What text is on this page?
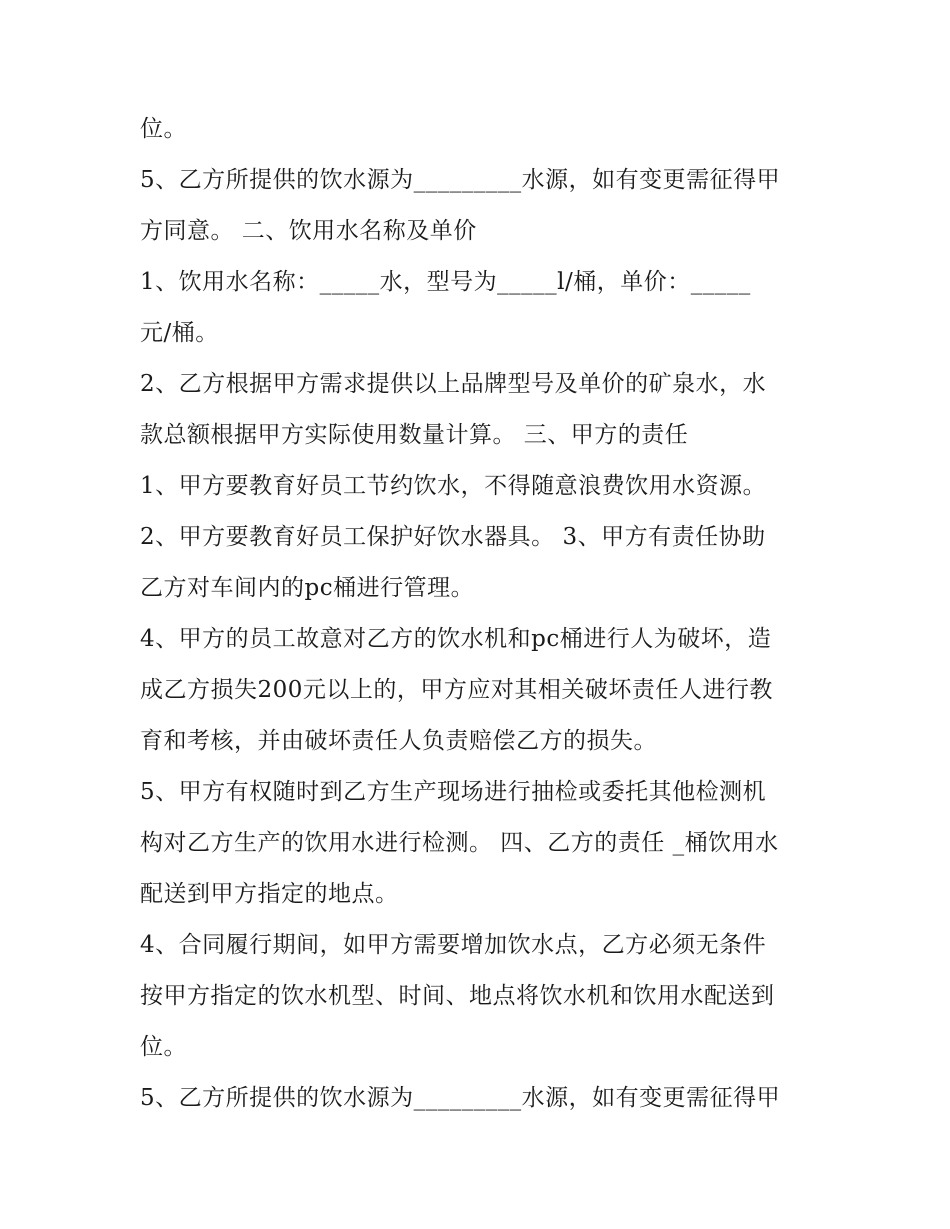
位。
5、乙方所提供的饮水源为_________水源，如有变更需征得甲
方同意。 二、饮用水名称及单价
1、饮用水名称：_____水，型号为_____l/桶，单价：_____
元/桶。
2、乙方根据甲方需求提供以上品牌型号及单价的矿泉水，水
款总额根据甲方实际使用数量计算。 三、甲方的责任
1、甲方要教育好员工节约饮水，不得随意浪费饮用水资源。
2、甲方要教育好员工保护好饮水器具。 3、甲方有责任协助
乙方对车间内的pc桶进行管理。
4、甲方的员工故意对乙方的饮水机和pc桶进行人为破坏，造
成乙方损失200元以上的，甲方应对其相关破坏责任人进行教
育和考核，并由破坏责任人负责赔偿乙方的损失。
5、甲方有权随时到乙方生产现场进行抽检或委托其他检测机
构对乙方生产的饮用水进行检测。 四、乙方的责任 _桶饮用水
配送到甲方指定的地点。
4、合同履行期间，如甲方需要增加饮水点，乙方必须无条件
按甲方指定的饮水机型、时间、地点将饮水机和饮用水配送到
位。
5、乙方所提供的饮水源为_________水源，如有变更需征得甲
